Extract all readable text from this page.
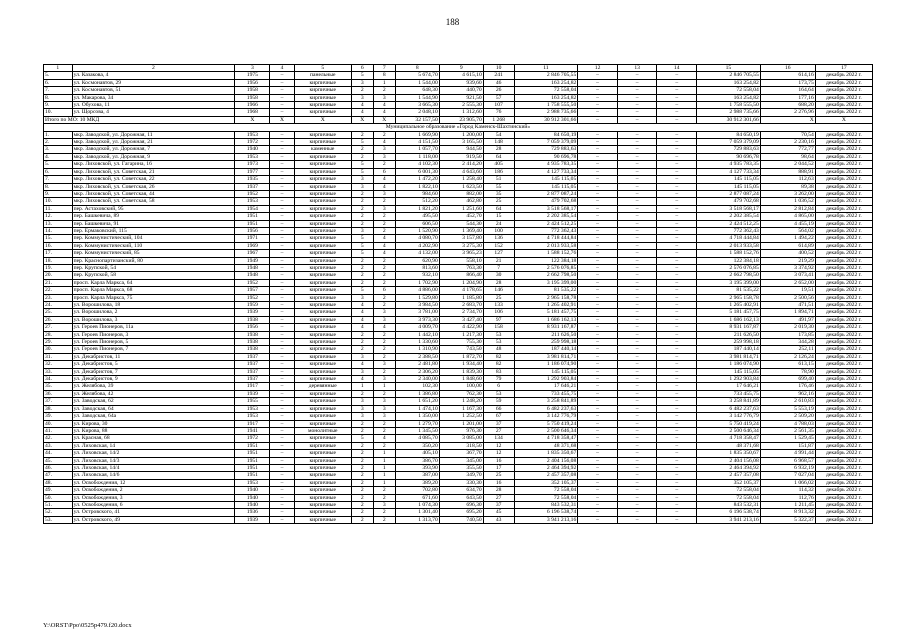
188
1	2	3	4	5	6	7	8	9	10	11	12	13	14	15	16	17
5.	ул. Казакова, 4	1975	–	панельные	5	8	5 674,70	4 615,10	241	2 846 705,55	–	–	–	2 846 705,55	614,16	декабрь 2022 г.
6.	ул. Космонавтов, 29	1956	–	кирпичные	3	1	1 544,00	939,60	46	163 254,82	–	–	–	163 254,82	173,75	декабрь 2022 г.
7.	ул. Космонавтов, 51	1958	–	кирпичные	2	2	648,30	440,70	26	72 558,04	–	–	–	72 558,04	164,64	декабрь 2022 г.
8.	ул. Макарова, 34	1958	–	кирпичные	3	3	1 544,90	921,50	57	163 254,82	–	–	–	163 254,82	177,16	декабрь 2022 г.
9.	ул. Обухова, 11	1966	–	кирпичные	4	4	3 665,30	2 555,30	107	1 758 555,50	–	–	–	1 758 555,50	688,20	декабрь 2022 г.
10.	ул. Щорсова, 4	1968	–	кирпичные	4	4	2 048,10	1 312,60	76	2 988 735,66	–	–	–	2 988 735,66	2 276,96	декабрь 2022 г.
Итого по МО: 10 МКД		X	X	X	X	X	32 157,50	23 905,70	1 268	30 912 301,66	–	–	–	30 912 301,66	X	X
Муниципальное образование «Город Каменск-Шахтинский»																
1.	мкр. Заводской, ул. Дорожная, 11	1953	–	кирпичные	2	2	1 669,90	1 200,00	54	84 650,19	–	–	–	84 650,19	70,54	декабрь 2022 г.
2.	мкр. Заводской, ул. Дорожная, 21	1972	–	кирпичные	5	4	4 151,50	3 165,50	148	7 059 379,09	–	–	–	7 059 379,09	2 230,16	декабрь 2022 г.
3.	мкр. Заводской, ул. Дорожная, 7	1940	–	каменные	2	3	1 057,70	944,50	28	729 883,63	–	–	–	729 883,63	772,77	декабрь 2022 г.
4.	мкр. Заводской, ул. Дорожная, 9	1953	–	кирпичные	2	3	1 118,00	919,50	64	90 696,78	–	–	–	90 696,78	98,64	декабрь 2022 г.
5.	мкр. Лиховской, ул. Гагарина, 16	1973	–	кирпичные	5	2	4 102,30	2 414,20	405	4 935 783,35	–	–	–	4 935 783,35	2 044,52	декабрь 2022 г.
6.	мкр. Лиховской, ул. Советская, 21	1977	–	кирпичные	5	6	6 001,30	4 643,60	186	4 127 733,34	–	–	–	4 127 733,34	888,91	декабрь 2022 г.
7.	мкр. Лиховской, ул. Советская, 22	1935	–	кирпичные	3	4	1 472,20	1 258,40	51	145 115,05	–	–	–	145 115,05	112,63	декабрь 2022 г.
8.	мкр. Лиховской, ул. Советская, 26	1937	–	кирпичные	3	4	1 822,10	1 623,50	55	145 115,05	–	–	–	145 115,05	89,38	декабрь 2022 г.
9.	мкр. Лиховской, ул. Советская, 44	1952	–	кирпичные	2	3	984,60	882,00	35	2 877 087,24	–	–	–	2 877 087,24	3 262,00	декабрь 2022 г.
10.	мкр. Лиховской, ул. Советская, 58	1953	–	кирпичные	2	2	512,20	462,80	25	479 702,68	–	–	–	479 702,68	1 036,52	декабрь 2022 г.
11.	пер. Астаховский, 95	1954	–	кирпичные	2	3	1 821,20	1 251,60	64	3 518 568,17	–	–	–	3 518 568,17	2 812,84	декабрь 2022 г.
12.	пер. Башкевича, 89	1951	–	кирпичные	2	2	495,50	452,70	15	2 202 385,54	–	–	–	2 202 385,54	4 865,00	декабрь 2022 г.
13.	пер. Башкевича, 91	1951	–	кирпичные	2	2	606,50	544,30	24	2 424 512,25	–	–	–	2 424 512,25	4 455,19	декабрь 2022 г.
14.	пер. Ермаковский, 115	1956	–	кирпичные	3	2	1 520,90	1 369,40	100	772 362,43	–	–	–	772 362,43	564,02	декабрь 2022 г.
15.	пер. Коммунистический, 104	1971	–	кирпичные	5	4	4 080,70	3 157,80	136	4 718 444,84	–	–	–	4 718 444,84	1 494,22	декабрь 2022 г.
16.	пер. Коммунистический, 110	1969	–	кирпичные	5	4	4 202,90	3 275,30	152	2 013 933,58	–	–	–	2 013 933,58	614,89	декабрь 2022 г.
17.	пер. Коммунистический, 85	1967	–	кирпичные	5	4	4 132,00	3 965,23	127	1 588 152,76	–	–	–	1 588 152,76	400,52	декабрь 2022 г.
18.	пер. Краснопартизанский, 80	1949	–	кирпичные	2	2	620,90	558,10	21	122 384,18	–	–	–	122 384,18	219,29	декабрь 2022 г.
19.	пер. Крупской, 54	1948	–	кирпичные	2	2	813,60	763,30	7	2 576 076,85	–	–	–	2 576 076,85	3 374,92	декабрь 2022 г.
20.	пер. Крупской, 58	1948	–	кирпичные	2	2	932,10	866,40	30	2 662 798,50	–	–	–	2 662 798,50	3 073,41	декабрь 2022 г.
21.	просп. Карла Маркса, 64	1952	–	кирпичные	2	2	1 702,90	1 204,90	28	3 195 399,00	–	–	–	3 195 399,00	2 652,00	декабрь 2022 г.
22.	просп. Карла Маркса, 68	1957	–	кирпичные	5	6	4 886,00	4 178,65	146	81 535,22	–	–	–	81 535,22	19,51	декабрь 2022 г.
23.	просп. Карла Маркса, 75	1952	–	кирпичные	3	2	1 529,80	1 185,80	25	2 965 158,78	–	–	–	2 965 158,78	2 500,56	декабрь 2022 г.
24.	ул. Ворошилова, 18	1959	–	кирпичные	4	2	3 984,50	2 683,70	133	1 265 402,91	–	–	–	1 265 402,91	471,51	декабрь 2022 г.
25.	ул. Ворошилова, 2	1939	–	кирпичные	4	3	3 781,00	2 734,70	106	5 181 457,75	–	–	–	5 181 457,75	1 894,71	декабрь 2022 г.
26.	ул. Ворошилова, 3	1938	–	кирпичные	4	3	3 973,30	3 427,40	97	1 686 162,13	–	–	–	1 686 162,13	491,97	декабрь 2022 г.
27.	ул. Героев Пионеров, 11а	1956	–	кирпичные	4	4	4 009,70	4 422,90	158	8 931 167,87	–	–	–	8 931 167,87	2 019,30	декабрь 2022 г.
28.	ул. Героев Пионеров, 3	1938	–	кирпичные	2	2	1 442,10	1 217,30	53	211 626,50	–	–	–	211 626,50	173,85	декабрь 2022 г.
29.	ул. Героев Пионеров, 5	1938	–	кирпичные	2	2	1 330,60	755,30	53	259 998,18	–	–	–	259 998,18	344,28	декабрь 2022 г.
30.	ул. Героев Пионеров, 7	1938	–	кирпичные	2	2	1 310,90	743,50	48	187 440,14	–	–	–	187 440,14	252,11	декабрь 2022 г.
31.	ул. Декабристов, 11	1937	–	кирпичные	3	2	2 388,50	1 872,70	82	3 981 814,71	–	–	–	3 981 814,71	2 126,24	декабрь 2022 г.
32.	ул. Декабристов, 5	1937	–	кирпичные	4	3	2 481,80	1 934,40	82	1 186 074,90	–	–	–	1 186 074,90	613,15	декабрь 2022 г.
33.	ул. Декабристов, 7	1937	–	кирпичные	3	2	2 306,20	1 839,30	83	145 115,05	–	–	–	145 115,05	78,90	декабрь 2022 г.
34.	ул. Декабристов, 9	1937	–	кирпичные	4	3	2 340,00	1 848,60	79	1 292 903,84	–	–	–	1 292 903,84	699,40	декабрь 2022 г.
35.	ул. Желябова, 39	1917	–	деревянные	1	1	102,30	100,00	6	17 646,21	–	–	–	17 646,21	176,46	декабрь 2022 г.
36.	ул. Желябова, 42	1939	–	кирпичные	2	2	1 386,80	762,30	53	733 455,75	–	–	–	733 455,75	962,16	декабрь 2022 г.
37.	ул. Заводская, 62	1955	–	кирпичные	3	3	1 651,20	1 248,20	59	3 258 841,89	–	–	–	3 258 841,89	2 610,83	декабрь 2022 г.
38.	ул. Заводская, 64	1953	–	кирпичные	3	3	1 474,10	1 167,30	66	6 482 237,63	–	–	–	6 482 237,63	5 553,19	декабрь 2022 г.
39.	ул. Заводская, 64а	1953	–	кирпичные	3	3	1 350,00	1 252,50	67	3 142 776,79	–	–	–	3 142 776,79	2 509,20	декабрь 2022 г.
40.	ул. Кирова, 30	1917	–	кирпичные	2	2	1 279,70	1 201,00	37	5 750 419,24	–	–	–	5 750 419,24	4 788,03	декабрь 2022 г.
41.	ул. Кирова, 88	1941	–	монолитные	2	2	1 345,50	976,30	27	2 500 646,34	–	–	–	2 500 646,34	2 561,35	декабрь 2022 г.
42.	ул. Красная, 68	1972	–	кирпичные	5	4	4 085,70	3 085,00	134	4 718 358,47	–	–	–	4 718 358,47	1 529,45	декабрь 2022 г.
43.	ул. Лиховская, 14	1951	–	кирпичные	2	2	350,20	318,50	12	48 371,68	–	–	–	48 371,68	151,87	декабрь 2022 г.
44.	ул. Лиховская, 14/2	1951	–	кирпичные	2	1	405,10	367,70	12	1 835 350,67	–	–	–	1 835 350,67	4 991,44	декабрь 2022 г.
45.	ул. Лиховская, 14/3	1951	–	кирпичные	2	1	386,70	345,00	16	2 404 156,08	–	–	–	2 404 156,08	6 968,57	декабрь 2022 г.
46.	ул. Лиховская, 14/4	1951	–	кирпичные	2	1	393,90	355,50	17	2 464 394,92	–	–	–	2 464 394,92	6 932,19	декабрь 2022 г.
47.	ул. Лиховская, 14/6	1951	–	кирпичные	2	1	387,00	349,70	25	2 457 357,08	–	–	–	2 457 357,08	7 027,04	декабрь 2022 г.
48.	ул. Освобождения, 12	1953	–	кирпичные	2	1	389,20	330,30	16	352 105,37	–	–	–	352 105,37	1 066,02	декабрь 2022 г.
49.	ул. Освобождения, 2	1940	–	кирпичные	2	2	702,80	634,70	28	72 558,04	–	–	–	72 558,04	114,32	декабрь 2022 г.
50.	ул. Освобождения, 3	1940	–	кирпичные	2	2	671,60	643,50	27	72 558,04	–	–	–	72 558,04	112,76	декабрь 2022 г.
51.	ул. Освобождения, 6	1940	–	кирпичные	2	3	1 074,30	696,30	37	843 532,31	–	–	–	843 532,31	1 211,45	декабрь 2022 г.
52.	ул. Островского, 41	1936	–	кирпичные	2	2	1 301,40	695,20	45	6 196 538,74	–	–	–	6 196 538,74	8 913,32	декабрь 2022 г.
53.	ул. Островского, 49	1939	–	кирпичные	2	2	1 313,70	740,50	43	3 941 213,16	–	–	–	3 941 213,16	5 322,37	декабрь 2022 г.
Y:\ORST\Ppo\0525p479.f20.docx
